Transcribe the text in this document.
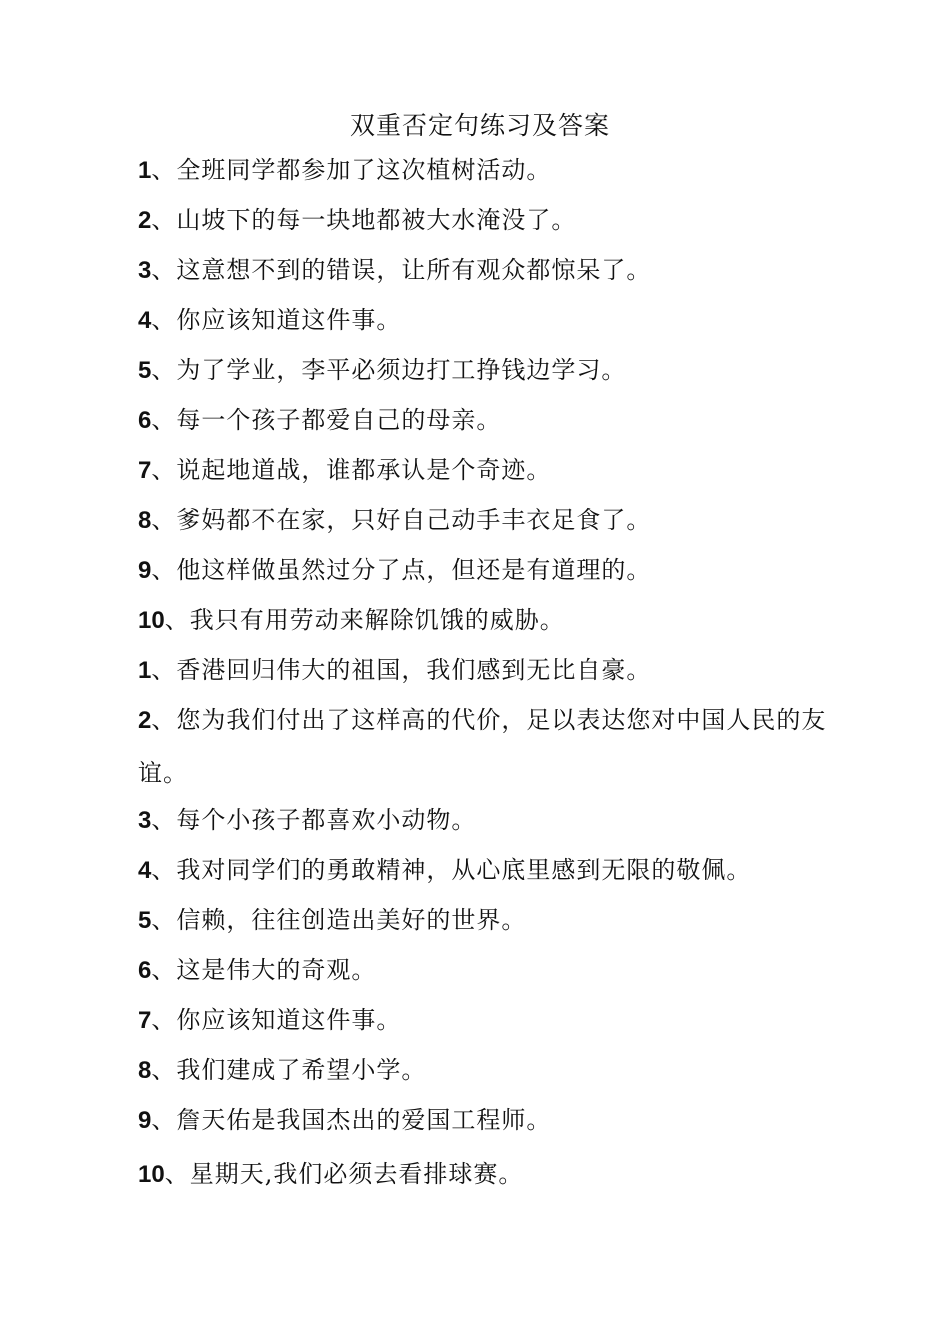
双重否定句练习及答案
1、全班同学都参加了这次植树活动。
2、山坡下的每一块地都被大水淹没了。
3、这意想不到的错误，让所有观众都惊呆了。
4、你应该知道这件事。
5、为了学业，李平必须边打工挣钱边学习。
6、每一个孩子都爱自己的母亲。
7、说起地道战，谁都承认是个奇迹。
8、爹妈都不在家，只好自己动手丰衣足食了。
9、他这样做虽然过分了点，但还是有道理的。
10、我只有用劳动来解除饥饿的威胁。
1、香港回归伟大的祖国，我们感到无比自豪。
2、您为我们付出了这样高的代价，足以表达您对中国人民的友谊。
3、每个小孩子都喜欢小动物。
4、我对同学们的勇敢精神，从心底里感到无限的敬佩。
5、信赖，往往创造出美好的世界。
6、这是伟大的奇观。
7、你应该知道这件事。
8、我们建成了希望小学。
9、詹天佑是我国杰出的爱国工程师。
10、星期天,我们必须去看排球赛。
